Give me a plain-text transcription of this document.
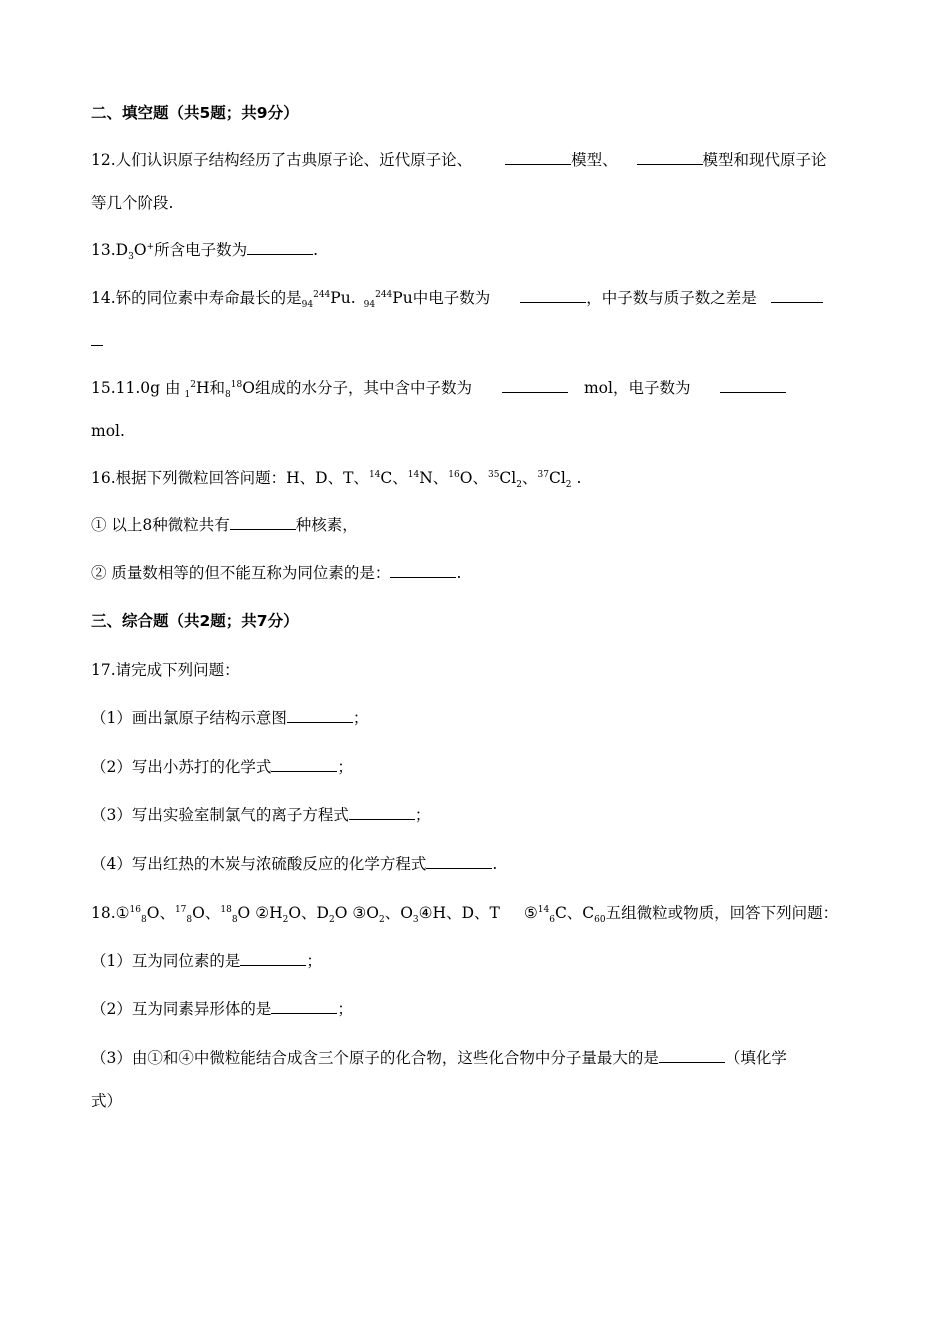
二、填空题（共5题；共9分）
12.人们认识原子结构经历了古典原子论、近代原子论、	模型、	模型和现代原子论
等几个阶段.
$13.D_3O^+$所含电子数为	.
14.钚的同位素中寿命最长的是$_{94}^{244}$Pu. $_{94}^{244}$Pu中电子数为	，中子数与质子数之差是
15.11.0g 由 $_1^2$H和$_8^{18}$O组成的水分子，其中含中子数为	mol，电子数为
mol.
16.根据下列微粒回答问题：H、D、T、$^{14}$C、$^{14}$N、$^{16}$O、$^{35}Cl_2$、$^{37}Cl_2$ .
① 以上8种微粒共有	种核素，
② 质量数相等的但不能互称为同位素的是：	.
三、综合题（共2题；共7分）
17.请完成下列问题：
（1）画出氯原子结构示意图	；
（2）写出小苏打的化学式	；
（3）写出实验室制氯气的离子方程式	；
（4）写出红热的木炭与浓硫酸反应的化学方程式	.
18.①$^{16}_8$O、$^{17}_8$O、$^{18}_8$O $②H_2O$、$D_2O$ $③O_2$、$O_3④H$、D、T ⑤$^{14}_6$C、$C_{60}$五组微粒或物质，回答下列问题：
（1）互为同位素的是	；
（2）互为同素异形体的是	；
（3）由①和④中微粒能结合成含三个原子的化合物，这些化合物中分子量最大的是	（填化学
式）
